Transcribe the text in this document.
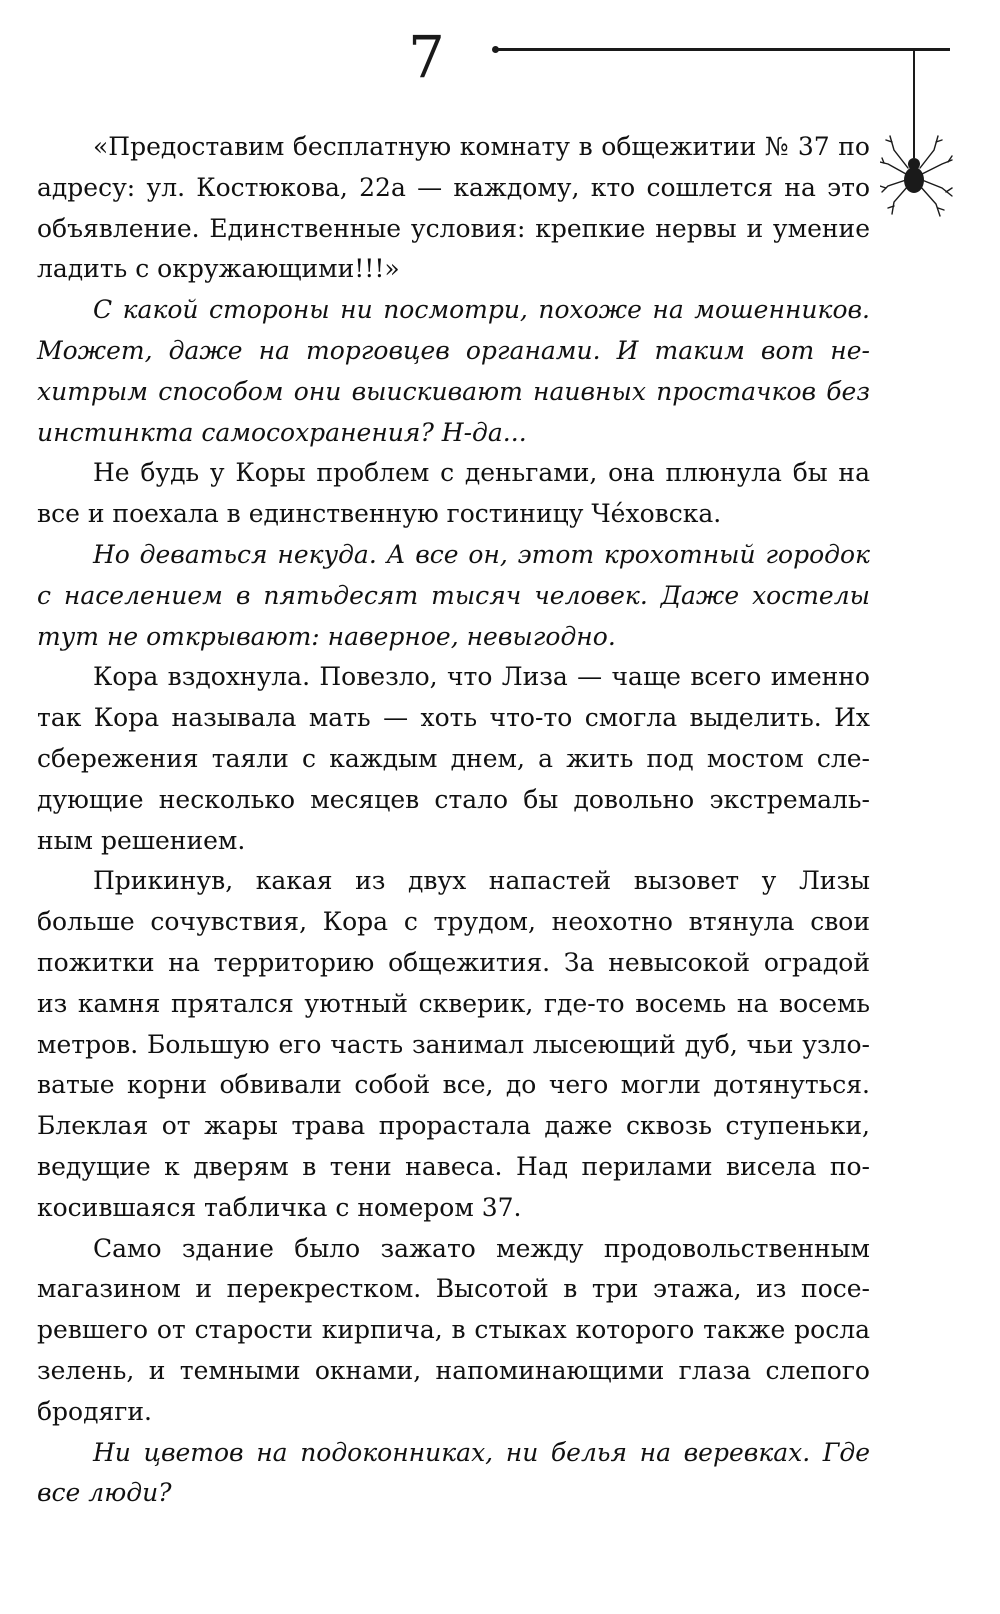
7

«Предоставим бесплатную комнату в общежитии № 37 по адресу: ул. Костюкова, 22а — каждому, кто сошлется на это объявление. Единственные условия: крепкие нервы и умение ладить с окружающими!!!»

С какой стороны ни посмотри, похоже на мошенников. Может, даже на торговцев органами. И таким вот нехитрым способом они выискивают наивных простачков без инстинкта самосохранения? Н-да...

Не будь у Коры проблем с деньгами, она плюнула бы на все и поехала в единственную гостиницу Чéховска.

Но деваться некуда. А все он, этот крохотный городок с населением в пятьдесят тысяч человек. Даже хостелы тут не открывают: наверное, невыгодно.

Кора вздохнула. Повезло, что Лиза — чаще всего именно так Кора называла мать — хоть что-то смогла выделить. Их сбережения таяли с каждым днем, а жить под мостом следующие несколько месяцев стало бы довольно экстремальным решением.

Прикинув, какая из двух напастей вызовет у Лизы больше сочувствия, Кора с трудом, неохотно втянула свои пожитки на территорию общежития. За невысокой оградой из камня прятался уютный скверик, где-то восемь на восемь метров. Большую его часть занимал лысеющий дуб, чьи узловатые корни обвивали собой все, до чего могли дотянуться. Блеклая от жары трава прорастала даже сквозь ступеньки, ведущие к дверям в тени навеса. Над перилами висела покосившаяся табличка с номером 37.

Само здание было зажато между продовольственным магазином и перекрестком. Высотой в три этажа, из посеревшего от старости кирпича, в стыках которого также росла зелень, и темными окнами, напоминающими глаза слепого бродяги.

Ни цветов на подоконниках, ни белья на веревках. Где все люди?
